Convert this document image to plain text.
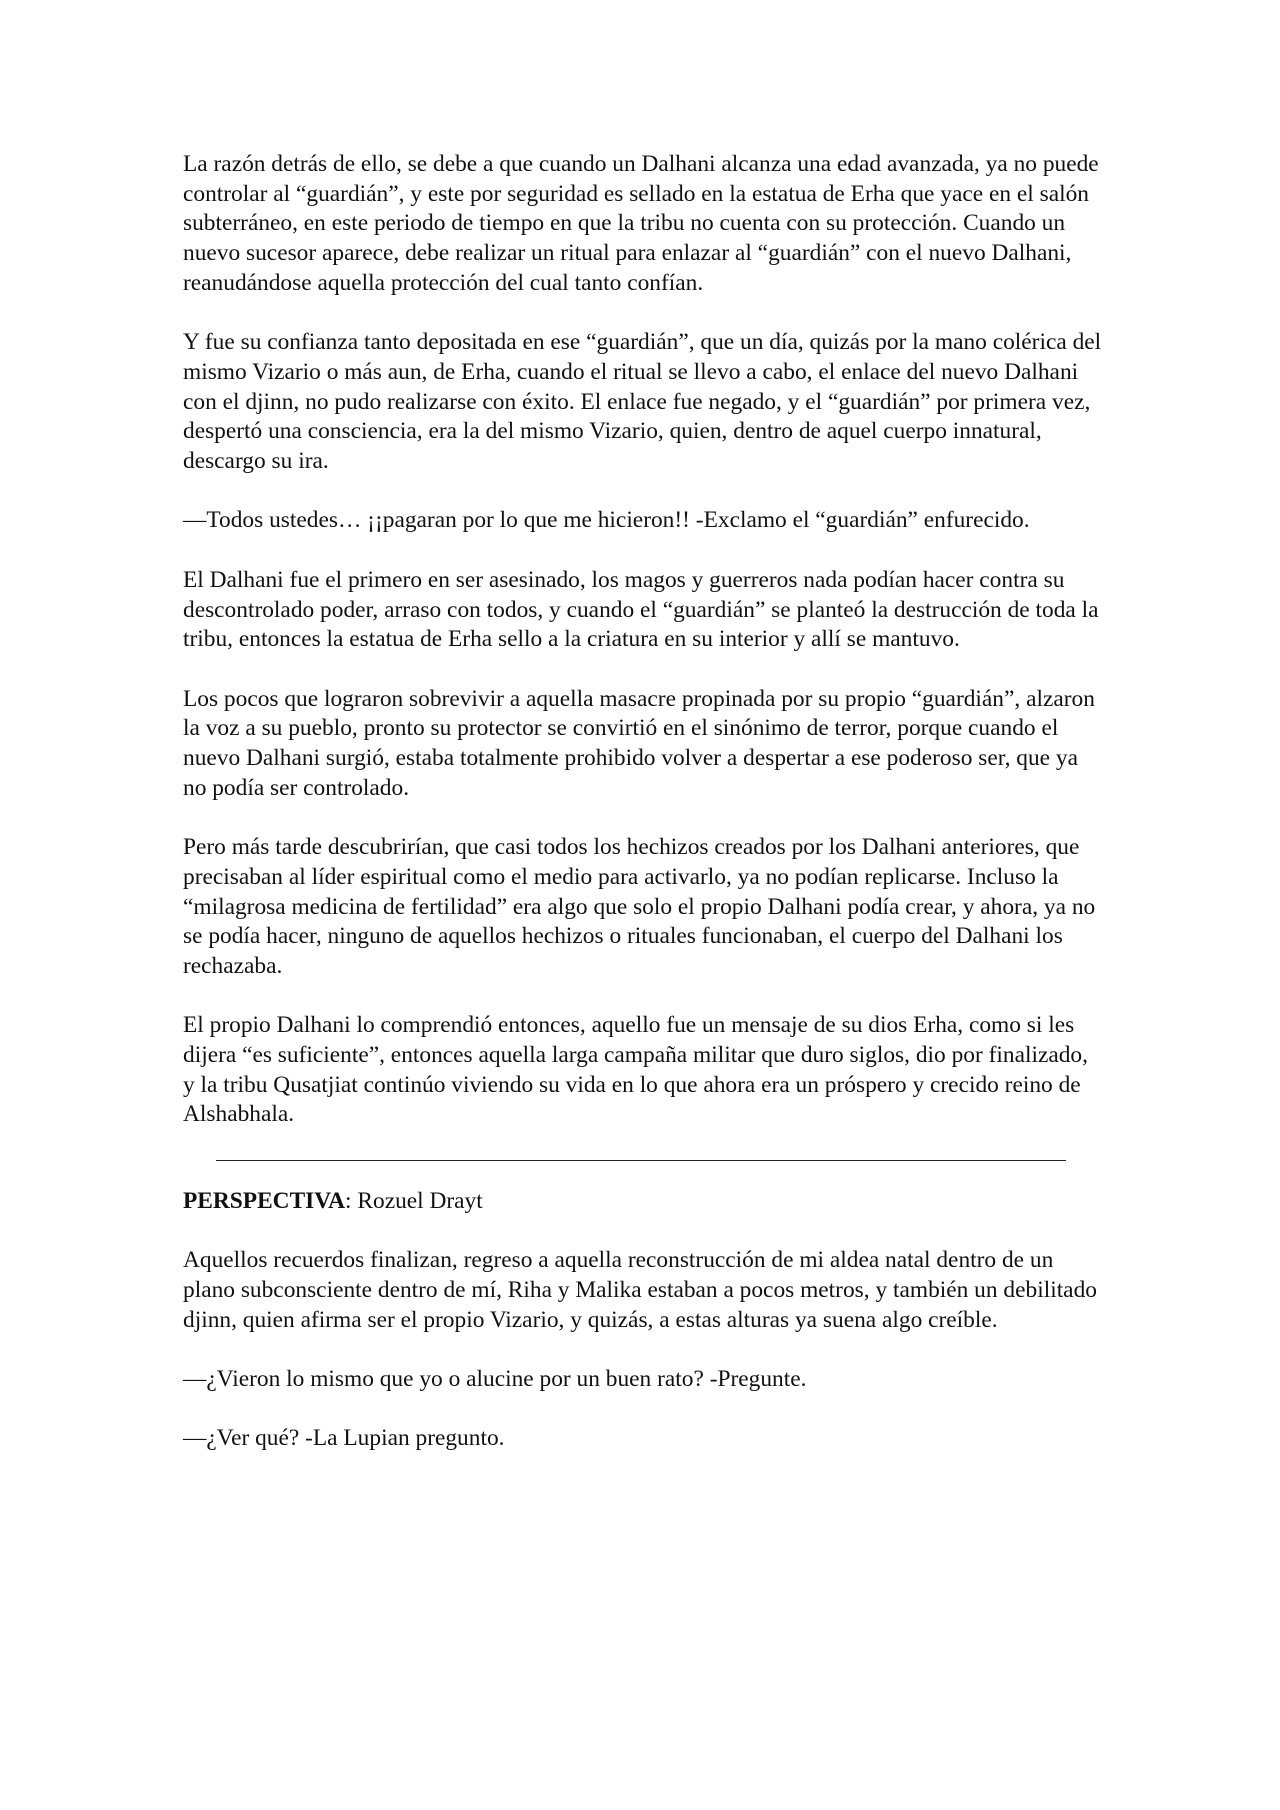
La razón detrás de ello, se debe a que cuando un Dalhani alcanza una edad avanzada, ya no puede controlar al “guardián”, y este por seguridad es sellado en la estatua de Erha que yace en el salón subterráneo, en este periodo de tiempo en que la tribu no cuenta con su protección. Cuando un nuevo sucesor aparece, debe realizar un ritual para enlazar al “guardián” con el nuevo Dalhani, reanudándose aquella protección del cual tanto confían.

Y fue su confianza tanto depositada en ese “guardián”, que un día, quizás por la mano colérica del mismo Vizario o más aun, de Erha, cuando el ritual se llevo a cabo, el enlace del nuevo Dalhani con el djinn, no pudo realizarse con éxito. El enlace fue negado, y el “guardián” por primera vez, despertó una consciencia, era la del mismo Vizario, quien, dentro de aquel cuerpo innatural, descargo su ira.

—Todos ustedes… ¡¡pagaran por lo que me hicieron!! -Exclamo el “guardián” enfurecido.

El Dalhani fue el primero en ser asesinado, los magos y guerreros nada podían hacer contra su descontrolado poder, arraso con todos, y cuando el “guardián” se planteó la destrucción de toda la tribu, entonces la estatua de Erha sello a la criatura en su interior y allí se mantuvo.

Los pocos que lograron sobrevivir a aquella masacre propinada por su propio “guardián”, alzaron la voz a su pueblo, pronto su protector se convirtió en el sinónimo de terror, porque cuando el nuevo Dalhani surgió, estaba totalmente prohibido volver a despertar a ese poderoso ser, que ya no podía ser controlado.

Pero más tarde descubrirían, que casi todos los hechizos creados por los Dalhani anteriores, que precisaban al líder espiritual como el medio para activarlo, ya no podían replicarse. Incluso la “milagrosa medicina de fertilidad” era algo que solo el propio Dalhani podía crear, y ahora, ya no se podía hacer, ninguno de aquellos hechizos o rituales funcionaban, el cuerpo del Dalhani los rechazaba.

El propio Dalhani lo comprendió entonces, aquello fue un mensaje de su dios Erha, como si les dijera “es suficiente”, entonces aquella larga campaña militar que duro siglos, dio por finalizado, y la tribu Qusatjiat continúo viviendo su vida en lo que ahora era un próspero y crecido reino de Alshabhala.

PERSPECTIVA: Rozuel Drayt

Aquellos recuerdos finalizan, regreso a aquella reconstrucción de mi aldea natal dentro de un plano subconsciente dentro de mí, Riha y Malika estaban a pocos metros, y también un debilitado djinn, quien afirma ser el propio Vizario, y quizás, a estas alturas ya suena algo creíble.

—¿Vieron lo mismo que yo o alucine por un buen rato? -Pregunte.

—¿Ver qué? -La Lupian pregunto.
